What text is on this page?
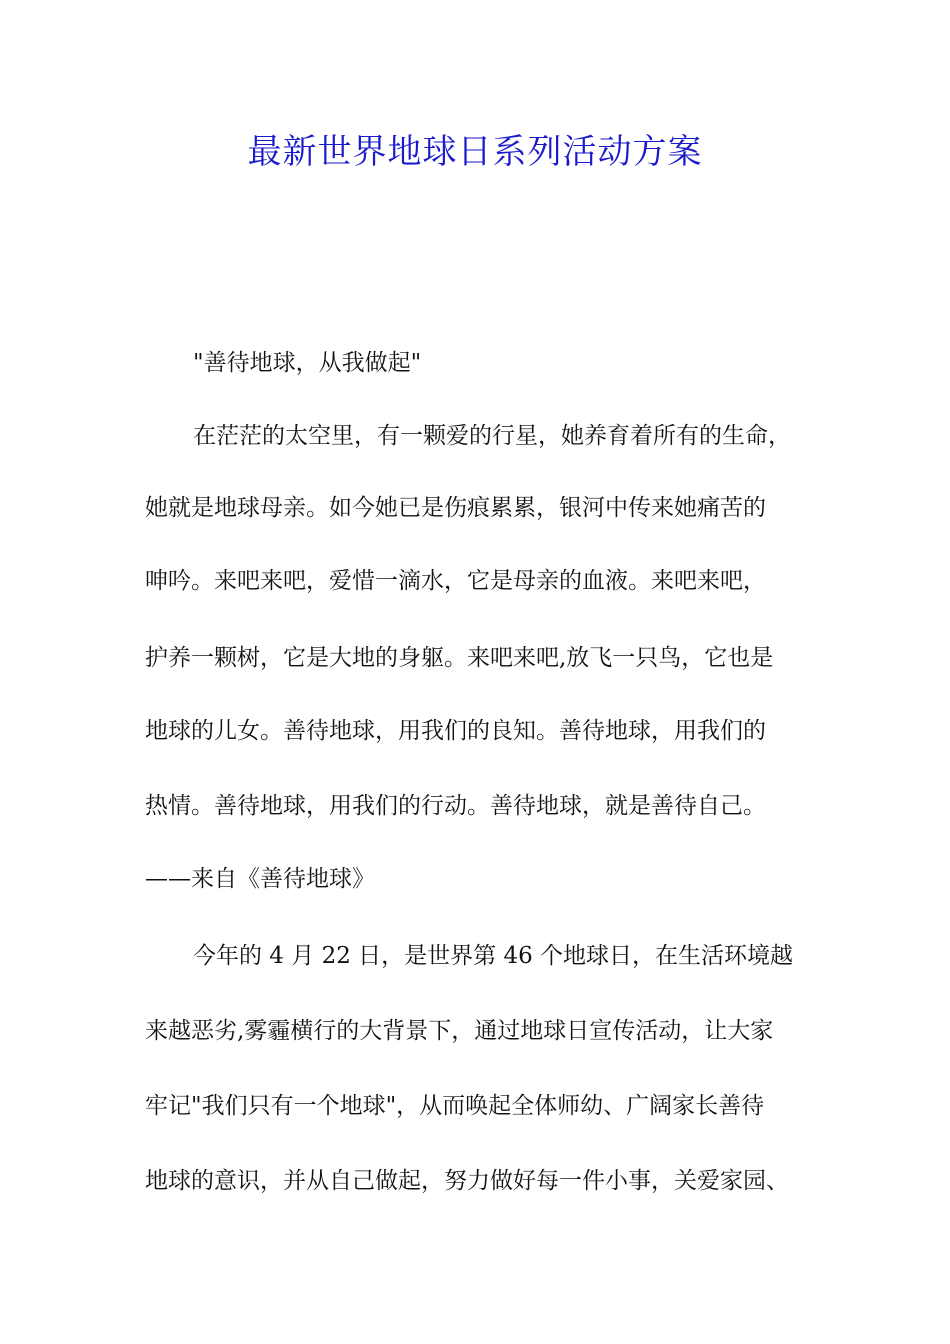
最新世界地球日系列活动方案

"善待地球，从我做起"

在茫茫的太空里，有一颗爱的行星，她养育着所有的生命，

她就是地球母亲。如今她已是伤痕累累，银河中传来她痛苦的

呻吟。来吧来吧，爱惜一滴水，它是母亲的血液。来吧来吧，

护养一颗树，它是大地的身躯。来吧来吧,放飞一只鸟，它也是

地球的儿女。善待地球，用我们的良知。善待地球，用我们的

热情。善待地球，用我们的行动。善待地球，就是善待自己。

——来自《善待地球》

今年的 4 月 22 日，是世界第 46 个地球日，在生活环境越

来越恶劣,雾霾横行的大背景下，通过地球日宣传活动，让大家

牢记"我们只有一个地球"，从而唤起全体师幼、广阔家长善待

地球的意识，并从自己做起，努力做好每一件小事，关爱家园、
